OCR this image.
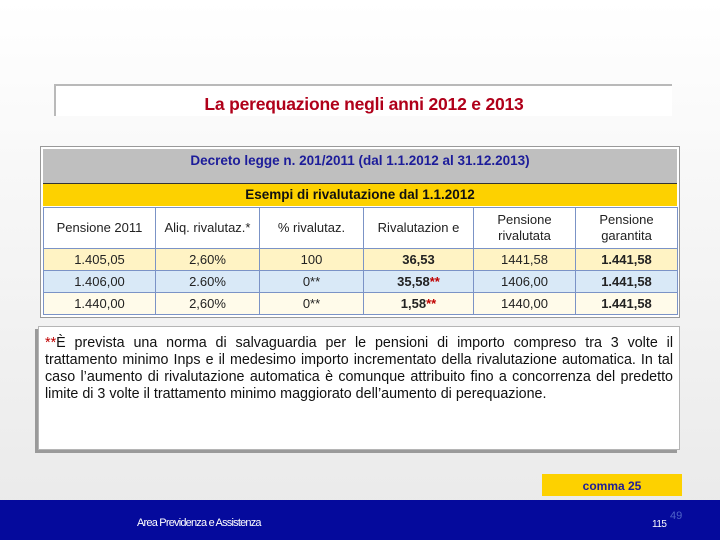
La perequazione negli anni 2012 e 2013
Decreto legge n. 201/2011 (dal 1.1.2012 al 31.12.2013)
Esempi di rivalutazione dal 1.1.2012
Pensione 2011	Aliq. rivalutaz.*	% rivalutaz.	Rivalutazion e	Pensione rivalutata	Pensione garantita
1.405,05	2,60%	100	36,53	1441,58	1.441,58
1.406,00	2.60%	0**	35,58**	1406,00	1.441,58
1.440,00	2,60%	0**	1,58**	1440,00	1.441,58
**È prevista una norma di salvaguardia per le pensioni di importo compreso tra 3 volte il trattamento minimo Inps e il medesimo importo incrementato della rivalutazione automatica. In tal caso l’aumento di rivalutazione automatica è comunque attribuito fino a concorrenza del predetto limite di 3 volte il trattamento minimo maggiorato dell’aumento di perequazione.
comma 25
Area Previdenza e Assistenza	115
49
